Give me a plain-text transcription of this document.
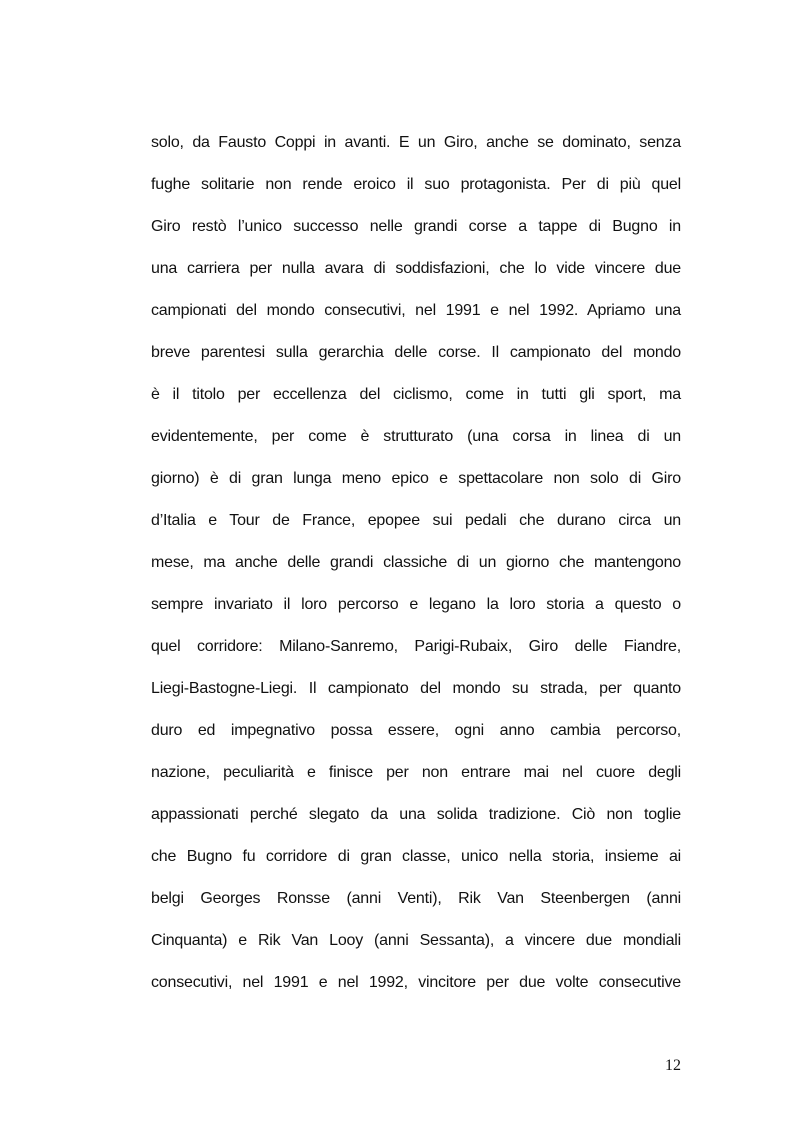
solo, da Fausto Coppi in avanti. E un Giro, anche se dominato, senza
fughe solitarie non rende eroico il suo protagonista. Per di più quel
Giro restò l’unico successo nelle grandi corse a tappe di Bugno in
una carriera per nulla avara di soddisfazioni, che lo vide vincere due
campionati del mondo consecutivi, nel 1991 e nel 1992. Apriamo una
breve parentesi sulla gerarchia delle corse. Il campionato del mondo
è il titolo per eccellenza del ciclismo, come in tutti gli sport, ma
evidentemente, per come è strutturato (una corsa in linea di un
giorno) è di gran lunga meno epico e spettacolare non solo di Giro
d’Italia e Tour de France, epopee sui pedali che durano circa un
mese, ma anche delle grandi classiche di un giorno che mantengono
sempre invariato il loro percorso e legano la loro storia a questo o
quel corridore: Milano-Sanremo, Parigi-Rubaix, Giro delle Fiandre,
Liegi-Bastogne-Liegi. Il campionato del mondo su strada, per quanto
duro ed impegnativo possa essere, ogni anno cambia percorso,
nazione, peculiarità e finisce per non entrare mai nel cuore degli
appassionati perché slegato da una solida tradizione. Ciò non toglie
che Bugno fu corridore di gran classe, unico nella storia, insieme ai
belgi Georges Ronsse (anni Venti), Rik Van Steenbergen (anni
Cinquanta) e Rik Van Looy (anni Sessanta), a vincere due mondiali
consecutivi, nel 1991 e nel 1992, vincitore per due volte consecutive
12
